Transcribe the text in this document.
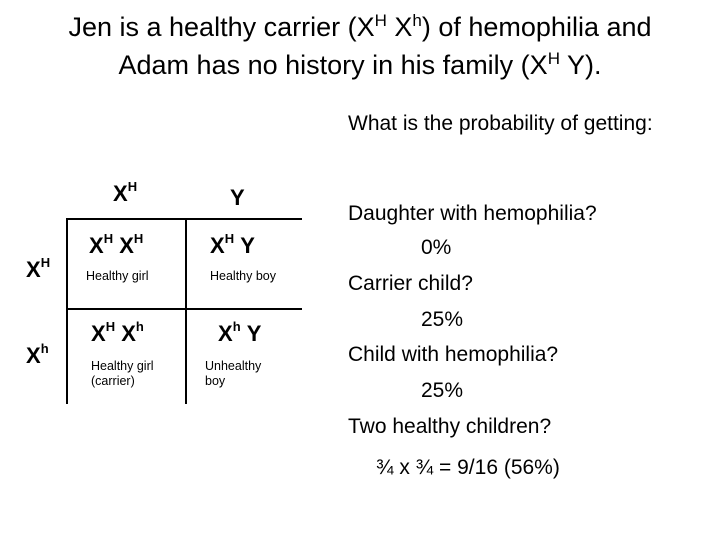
Jen is a healthy carrier ($X^H$ $X^h$) of hemophilia and
Adam has no history in his family ($X^H$ Y).
What is the probability of getting:
Daughter with hemophilia?
0%
Carrier child?
25%
Child with hemophilia?
25%
Two healthy children?
¾ x ¾ = 9/16 (56%)
$X^H$	Y
$X^H$
$X^h$
$X^H$ $X^H$
Healthy girl
$X^H$ Y
Healthy boy
$X^H$ $X^h$
Healthy girl (carrier)
$X^h$ Y
Unhealthy boy
